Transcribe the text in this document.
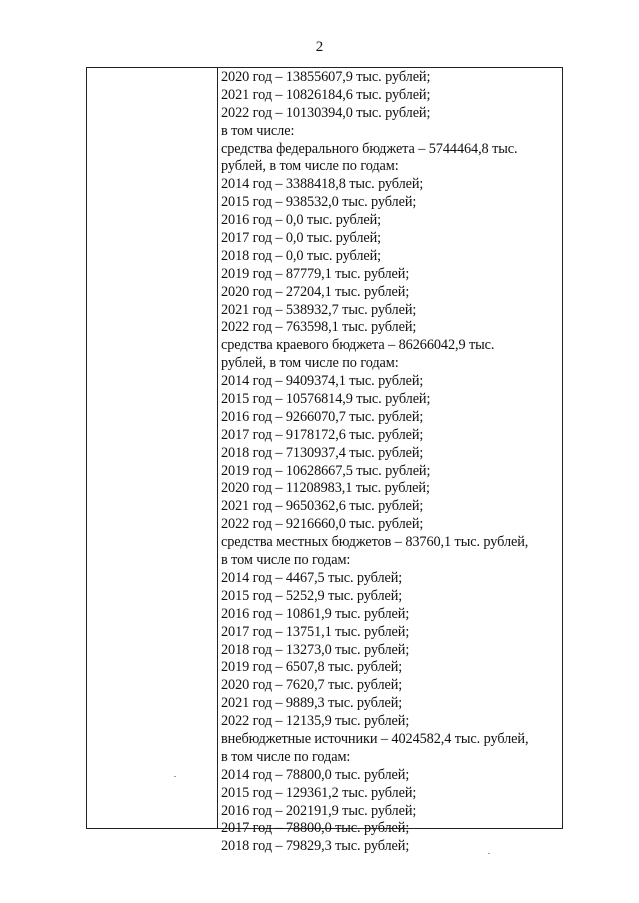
2
2020 год – 13855607,9 тыс. рублей;
2021 год – 10826184,6 тыс. рублей;
2022 год – 10130394,0 тыс. рублей;
в том числе:
средства федерального бюджета – 5744464,8 тыс.
рублей, в том числе по годам:
2014 год – 3388418,8 тыс. рублей;
2015 год – 938532,0 тыс. рублей;
2016 год – 0,0 тыс. рублей;
2017 год – 0,0 тыс. рублей;
2018 год – 0,0 тыс. рублей;
2019 год – 87779,1 тыс. рублей;
2020 год – 27204,1 тыс. рублей;
2021 год – 538932,7 тыс. рублей;
2022 год – 763598,1 тыс. рублей;
средства краевого бюджета – 86266042,9 тыс.
рублей, в том числе по годам:
2014 год – 9409374,1 тыс. рублей;
2015 год – 10576814,9 тыс. рублей;
2016 год – 9266070,7 тыс. рублей;
2017 год – 9178172,6 тыс. рублей;
2018 год – 7130937,4 тыс. рублей;
2019 год – 10628667,5 тыс. рублей;
2020 год – 11208983,1 тыс. рублей;
2021 год – 9650362,6 тыс. рублей;
2022 год – 9216660,0 тыс. рублей;
средства местных бюджетов – 83760,1 тыс. рублей,
в том числе по годам:
2014 год – 4467,5 тыс. рублей;
2015 год – 5252,9 тыс. рублей;
2016 год – 10861,9 тыс. рублей;
2017 год – 13751,1 тыс. рублей;
2018 год – 13273,0 тыс. рублей;
2019 год – 6507,8 тыс. рублей;
2020 год – 7620,7 тыс. рублей;
2021 год – 9889,3 тыс. рублей;
2022 год – 12135,9 тыс. рублей;
внебюджетные источники – 4024582,4 тыс. рублей,
в том числе по годам:
2014 год – 78800,0 тыс. рублей;
2015 год – 129361,2 тыс. рублей;
2016 год – 202191,9 тыс. рублей;
2017 год – 78800,0 тыс. рублей;
2018 год – 79829,3 тыс. рублей;
